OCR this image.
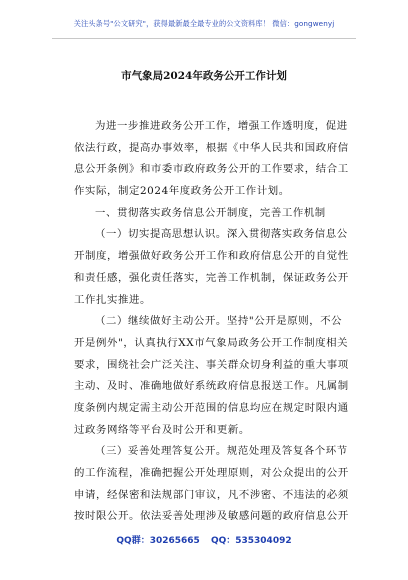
关注头条号"公文研究"，获得最新最全最专业的公文资料库！ 微信：gongwenyj
市气象局2024年政务公开工作计划
为进一步推进政务公开工作，增强工作透明度，促进
依法行政，提高办事效率，根据《中华人民共和国政府信
息公开条例》和市委市政府政务公开的工作要求，结合工
作实际，制定2024年度政务公开工作计划。
一、贯彻落实政务信息公开制度，完善工作机制
（一）切实提高思想认识。深入贯彻落实政务信息公
开制度，增强做好政务公开工作和政府信息公开的自觉性
和责任感，强化责任落实，完善工作机制，保证政务公开
工作扎实推进。
（二）继续做好主动公开。坚持"公开是原则，不公
开是例外"，认真执行XX市气象局政务公开工作制度相关
要求，围绕社会广泛关注、事关群众切身利益的重大事项
主动、及时、准确地做好系统政府信息报送工作。凡属制
度条例内规定需主动公开范围的信息均应在规定时限内通
过政务网络等平台及时公开和更新。
（三）妥善处理答复公开。规范处理及答复各个环节
的工作流程，准确把握公开处理原则，对公众提出的公开
申请，经保密和法规部门审议，凡不涉密、不违法的必须
按时限公开。依法妥善处理涉及敏感问题的政府信息公开
QQ群：30265665 QQ：535304092
